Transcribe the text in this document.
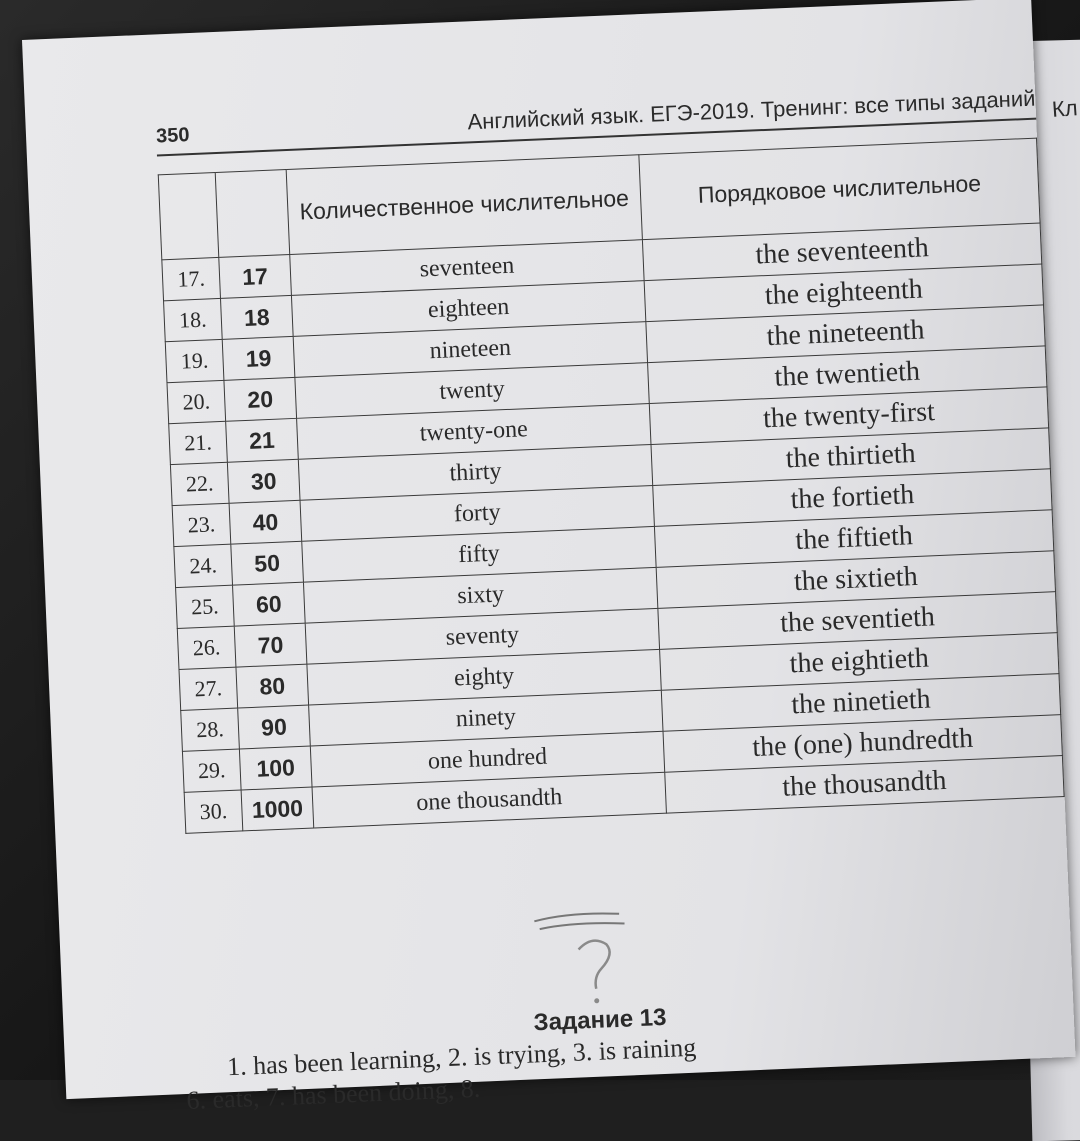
Кл
350
Английский язык. ЕГЭ-2019. Тренинг: все типы заданий
		Количественное числительное	Порядковое числительное
17.	17	seventeen	the seventeenth
18.	18	eighteen	the eighteenth
19.	19	nineteen	the nineteenth
20.	20	twenty	the twentieth
21.	21	twenty-one	the twenty-first
22.	30	thirty	the thirtieth
23.	40	forty	the fortieth
24.	50	fifty	the fiftieth
25.	60	sixty	the sixtieth
26.	70	seventy	the seventieth
27.	80	eighty	the eightieth
28.	90	ninety	the ninetieth
29.	100	one hundred	the (one) hundredth
30.	1000	one thousandth	the thousandth
Задание 13
1. has been learning, 2. is trying, 3. is raining
6. eats, 7. has been doing, 8.
